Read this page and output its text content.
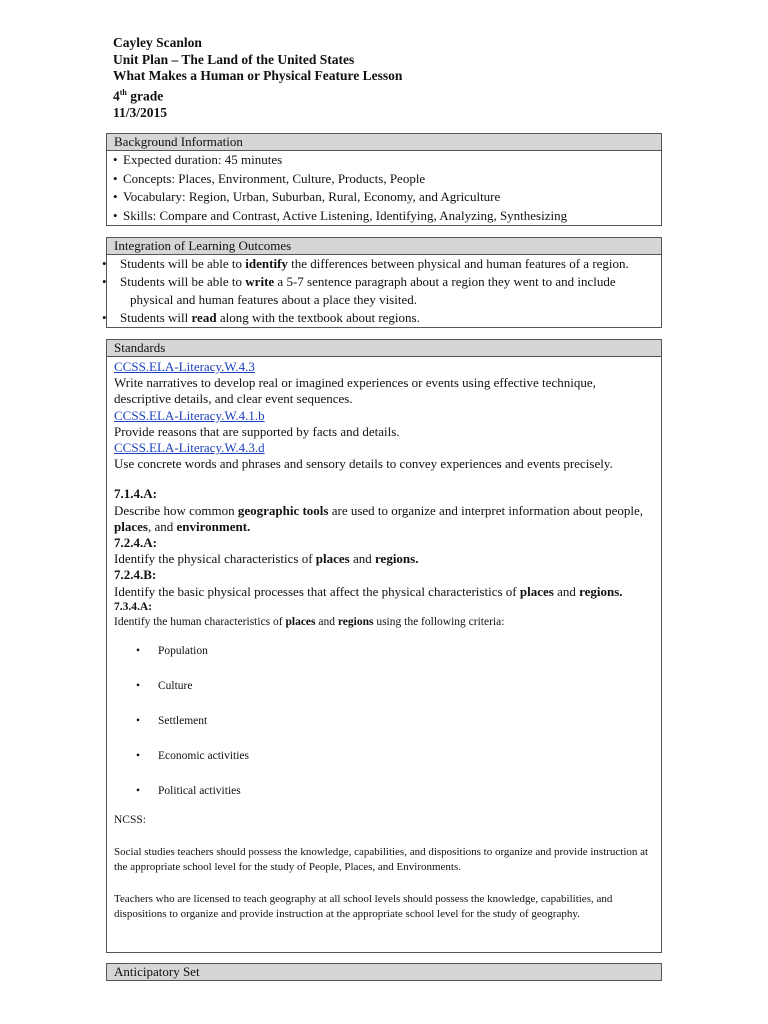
Cayley Scanlon
Unit Plan – The Land of the United States
What Makes a Human or Physical Feature Lesson
4th grade
11/3/2015
Background Information
• Expected duration: 45 minutes
• Concepts: Places, Environment, Culture, Products, People
• Vocabulary: Region, Urban, Suburban, Rural, Economy, and Agriculture
• Skills: Compare and Contrast, Active Listening, Identifying, Analyzing, Synthesizing
Integration of Learning Outcomes
• Students will be able to identify the differences between physical and human features of a region.
• Students will be able to write a 5-7 sentence paragraph about a region they went to and include
physical and human features about a place they visited.
• Students will read along with the textbook about regions.
Standards
CCSS.ELA-Literacy.W.4.3
Write narratives to develop real or imagined experiences or events using effective technique, descriptive details, and clear event sequences.
CCSS.ELA-Literacy.W.4.1.b
Provide reasons that are supported by facts and details.
CCSS.ELA-Literacy.W.4.3.d
Use concrete words and phrases and sensory details to convey experiences and events precisely.
7.1.4.A:
Describe how common geographic tools are used to organize and interpret information about people, places, and environment.
7.2.4.A:
Identify the physical characteristics of places and regions.
7.2.4.B:
Identify the basic physical processes that affect the physical characteristics of places and regions.
7.3.4.A:
Identify the human characteristics of places and regions using the following criteria:
• Population
• Culture
• Settlement
• Economic activities
• Political activities
NCSS:
Social studies teachers should possess the knowledge, capabilities, and dispositions to organize and provide instruction at the appropriate school level for the study of People, Places, and Environments.
Teachers who are licensed to teach geography at all school levels should possess the knowledge, capabilities, and dispositions to organize and provide instruction at the appropriate school level for the study of geography.
Anticipatory Set
